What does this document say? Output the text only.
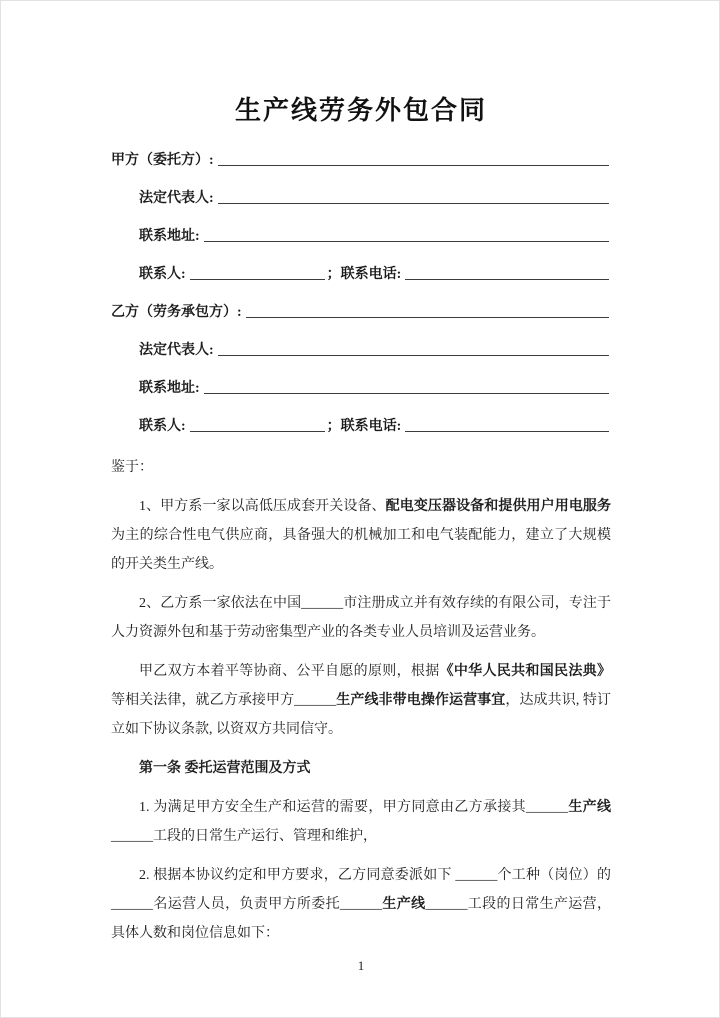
生产线劳务外包合同
甲方（委托方）:
法定代表人:
联系地址:
联系人:	；联系电话:
乙方（劳务承包方）:
法定代表人:
联系地址:
联系人:	；联系电话:

鉴于：

1、甲方系一家以高低压成套开关设备、配电变压器设备和提供用户用电服务为主的综合性电气供应商，具备强大的机械加工和电气装配能力，建立了大规模的开关类生产线。

2、乙方系一家依法在中国______市注册成立并有效存续的有限公司，专注于人力资源外包和基于劳动密集型产业的各类专业人员培训及运营业务。

甲乙双方本着平等协商、公平自愿的原则，根据《中华人民共和国民法典》等相关法律，就乙方承接甲方______生产线非带电操作运营事宜，达成共识, 特订立如下协议条款, 以资双方共同信守。

第一条 委托运营范围及方式

1. 为满足甲方安全生产和运营的需要，甲方同意由乙方承接其______生产线______工段的日常生产运行、管理和维护，

2. 根据本协议约定和甲方要求，乙方同意委派如下 ______个工种（岗位）的______名运营人员，负责甲方所委托______生产线______工段的日常生产运营，具体人数和岗位信息如下：

1
